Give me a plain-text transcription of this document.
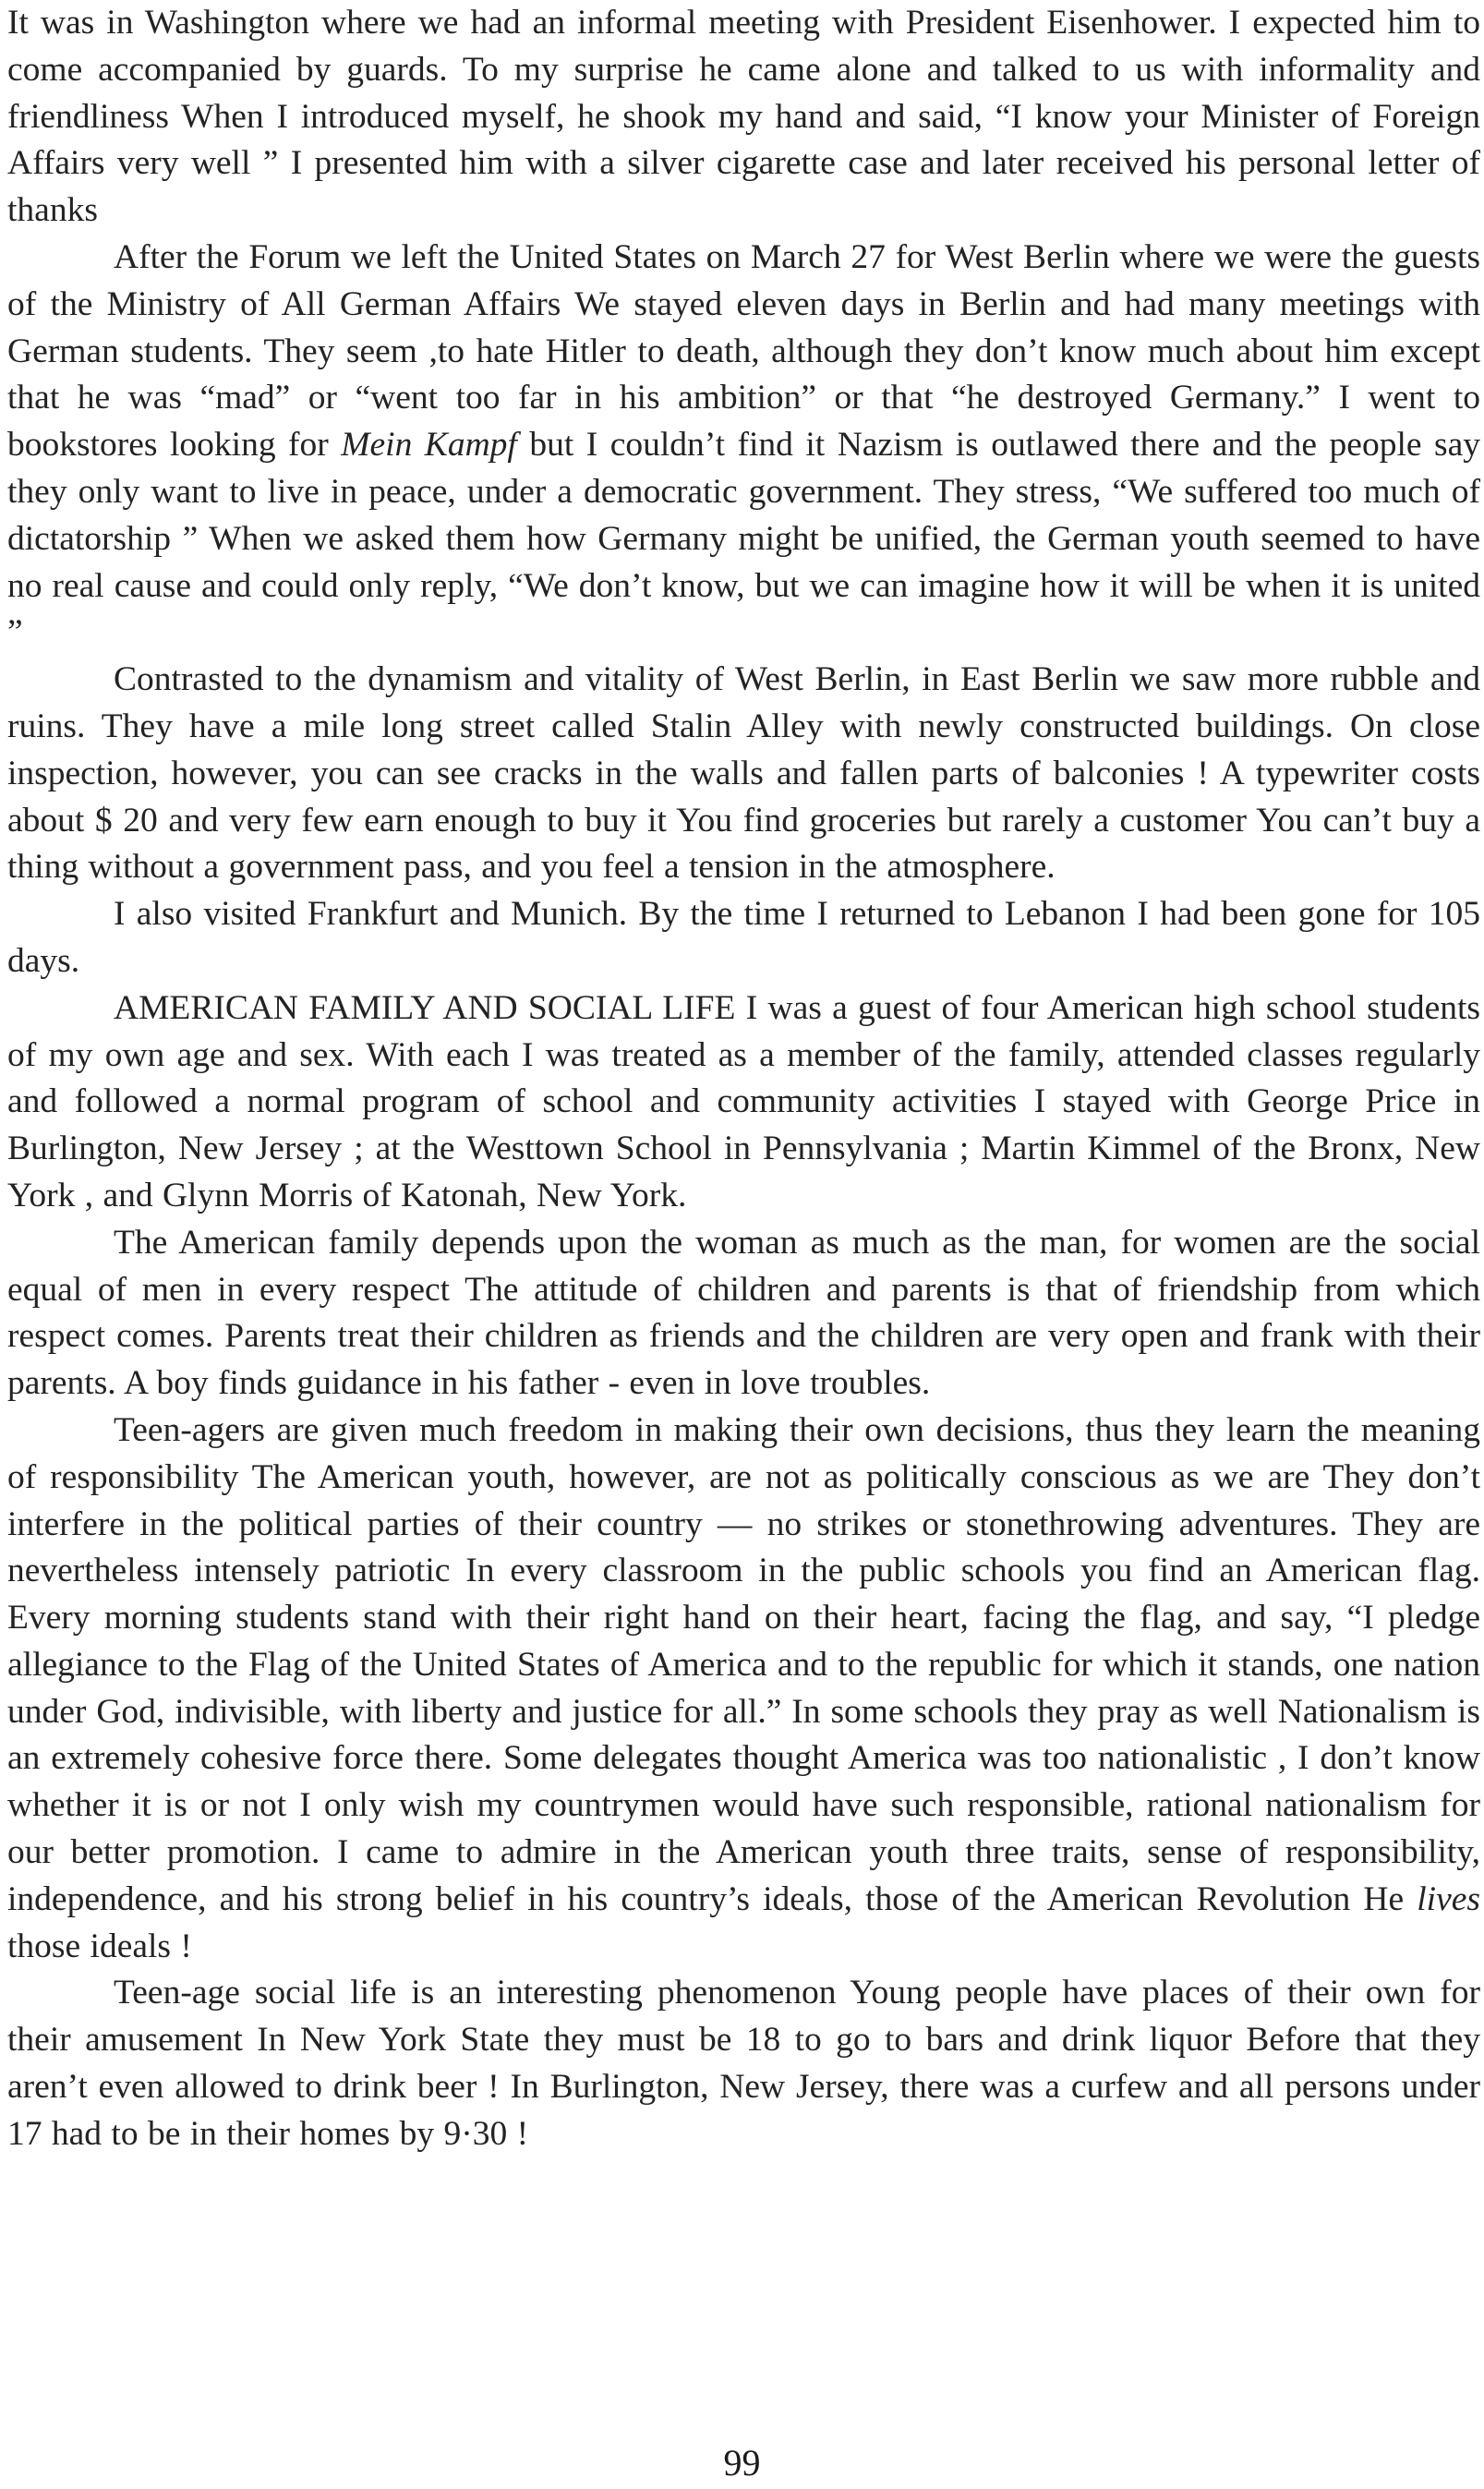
It was in Washington where we had an informal meeting with President Eisenhower. I expected him to come accompanied by guards. To my surprise he came alone and talked to us with informality and friendliness When I introduced myself, he shook my hand and said, “I know your Minister of Foreign Affairs very well ” I presented him with a silver cigarette case and later received his personal letter of thanks

After the Forum we left the United States on March 27 for West Berlin where we were the guests of the Ministry of All German Affairs We stayed eleven days in Berlin and had many meetings with German students. They seem ,to hate Hitler to death, although they don’t know much about him except that he was “mad” or “went too far in his ambition” or that “he destroyed Germany.” I went to bookstores looking for Mein Kampf but I couldn’t find it Nazism is outlawed there and the people say they only want to live in peace, under a democratic government. They stress, “We suffered too much of dictatorship ” When we asked them how Germany might be unified, the German youth seemed to have no real cause and could only reply, “We don’t know, but we can imagine how it will be when it is united ”

Contrasted to the dynamism and vitality of West Berlin, in East Berlin we saw more rubble and ruins. They have a mile long street called Stalin Alley with newly constructed buildings. On close inspection, however, you can see cracks in the walls and fallen parts of balconies ! A typewriter costs about $ 20 and very few earn enough to buy it You find groceries but rarely a customer You can’t buy a thing without a government pass, and you feel a tension in the atmosphere.

I also visited Frankfurt and Munich. By the time I returned to Lebanon I had been gone for 105 days.

AMERICAN FAMILY AND SOCIAL LIFE I was a guest of four American high school students of my own age and sex. With each I was treated as a member of the family, attended classes regularly and followed a normal program of school and community activities I stayed with George Price in Burlington, New Jersey ; at the Westtown School in Pennsylvania ; Martin Kimmel of the Bronx, New York , and Glynn Morris of Katonah, New York.

The American family depends upon the woman as much as the man, for women are the social equal of men in every respect The attitude of children and parents is that of friendship from which respect comes. Parents treat their children as friends and the children are very open and frank with their parents. A boy finds guidance in his father - even in love troubles.

Teen-agers are given much freedom in making their own decisions, thus they learn the meaning of responsibility The American youth, however, are not as politically conscious as we are They don’t interfere in the political parties of their country — no strikes or stonethrowing adventures. They are nevertheless intensely patriotic In every classroom in the public schools you find an American flag. Every morning students stand with their right hand on their heart, facing the flag, and say, “I pledge allegiance to the Flag of the United States of America and to the republic for which it stands, one nation under God, indivisible, with liberty and justice for all.” In some schools they pray as well Nationalism is an extremely cohesive force there. Some delegates thought America was too nationalistic , I don’t know whether it is or not I only wish my countrymen would have such responsible, rational nationalism for our better promotion. I came to admire in the American youth three traits, sense of responsibility, independence, and his strong belief in his country’s ideals, those of the American Revolution He lives those ideals !

Teen-age social life is an interesting phenomenon Young people have places of their own for their amusement In New York State they must be 18 to go to bars and drink liquor Before that they aren’t even allowed to drink beer ! In Burlington, New Jersey, there was a curfew and all persons under 17 had to be in their homes by 9·30 !

99
